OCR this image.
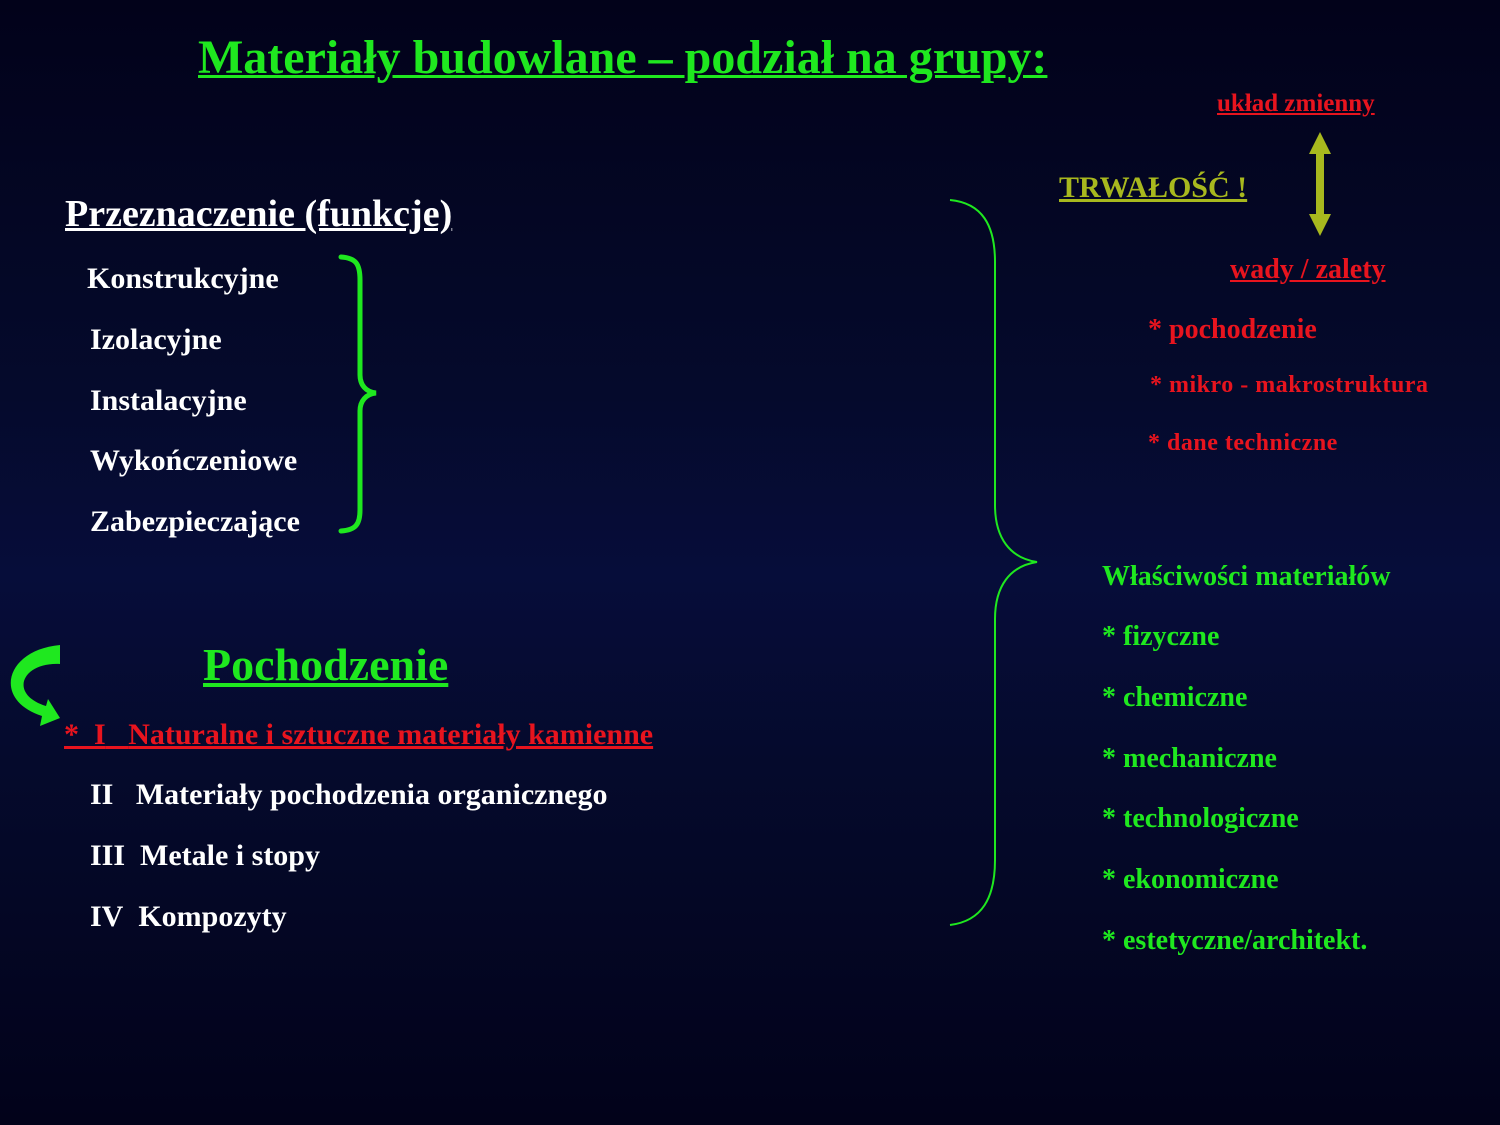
Materiały budowlane – podział na grupy:
Przeznaczenie (funkcje)
Konstrukcyjne
Izolacyjne
Instalacyjne
Wykończeniowe
Zabezpieczające
Pochodzenie
* I Naturalne i sztuczne materiały kamienne
II Materiały pochodzenia organicznego
III Metale i stopy
IV Kompozyty
układ zmienny
TRWAŁOŚĆ !
wady / zalety
* pochodzenie
* mikro - makrostruktura
* dane techniczne
Właściwości materiałów
* fizyczne
* chemiczne
* mechaniczne
* technologiczne
* ekonomiczne
* estetyczne/architekt.
